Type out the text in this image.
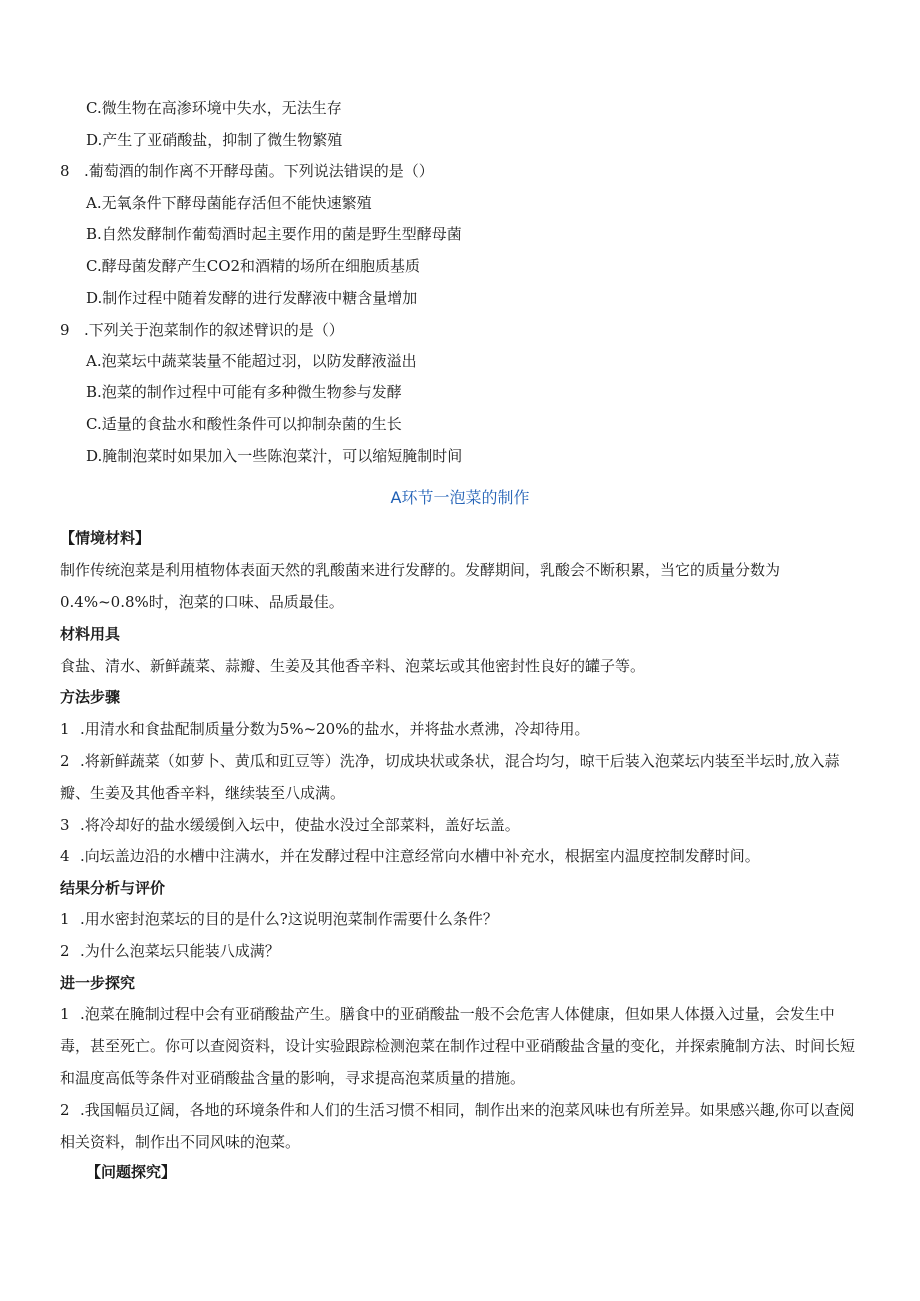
C.微生物在高渗环境中失水，无法生存
D.产生了亚硝酸盐，抑制了微生物繁殖
8 .葡萄酒的制作离不开酵母菌。下列说法错误的是（）
A.无氧条件下酵母菌能存活但不能快速繁殖
B.自然发酵制作葡萄酒时起主要作用的菌是野生型酵母菌
C.酵母菌发酵产生CO2和酒精的场所在细胞质基质
D.制作过程中随着发酵的进行发酵液中糖含量增加
9 .下列关于泡菜制作的叙述臂识的是（）
A.泡菜坛中蔬菜装量不能超过羽，以防发酵液溢出
B.泡菜的制作过程中可能有多种微生物参与发酵
C.适量的食盐水和酸性条件可以抑制杂菌的生长
D.腌制泡菜时如果加入一些陈泡菜汁，可以缩短腌制时间
A环节一泡菜的制作
【情境材料】
制作传统泡菜是利用植物体表面天然的乳酸菌来进行发酵的。发酵期间，乳酸会不断积累，当它的质量分数为0.4%~0.8%时，泡菜的口味、品质最佳。
材料用具
食盐、清水、新鲜蔬菜、蒜瓣、生姜及其他香辛料、泡菜坛或其他密封性良好的罐子等。
方法步骤
1 .用清水和食盐配制质量分数为5%~20%的盐水，并将盐水煮沸，冷却待用。
2 .将新鲜蔬菜（如萝卜、黄瓜和豇豆等）洗净，切成块状或条状，混合均匀，晾干后装入泡菜坛内装至半坛时,放入蒜瓣、生姜及其他香辛料，继续装至八成满。
3 .将冷却好的盐水缓缓倒入坛中，使盐水没过全部菜料，盖好坛盖。
4 .向坛盖边沿的水槽中注满水，并在发酵过程中注意经常向水槽中补充水，根据室内温度控制发酵时间。
结果分析与评价
1 .用水密封泡菜坛的目的是什么?这说明泡菜制作需要什么条件？
2 .为什么泡菜坛只能装八成满？
进一步探究
1 .泡菜在腌制过程中会有亚硝酸盐产生。膳食中的亚硝酸盐一般不会危害人体健康，但如果人体摄入过量，会发生中毒，甚至死亡。你可以查阅资料，设计实验跟踪检测泡菜在制作过程中亚硝酸盐含量的变化，并探索腌制方法、时间长短和温度高低等条件对亚硝酸盐含量的影响，寻求提高泡菜质量的措施。
2 .我国幅员辽阔，各地的环境条件和人们的生活习惯不相同，制作出来的泡菜风味也有所差异。如果感兴趣,你可以查阅相关资料，制作出不同风味的泡菜。
【问题探究】
